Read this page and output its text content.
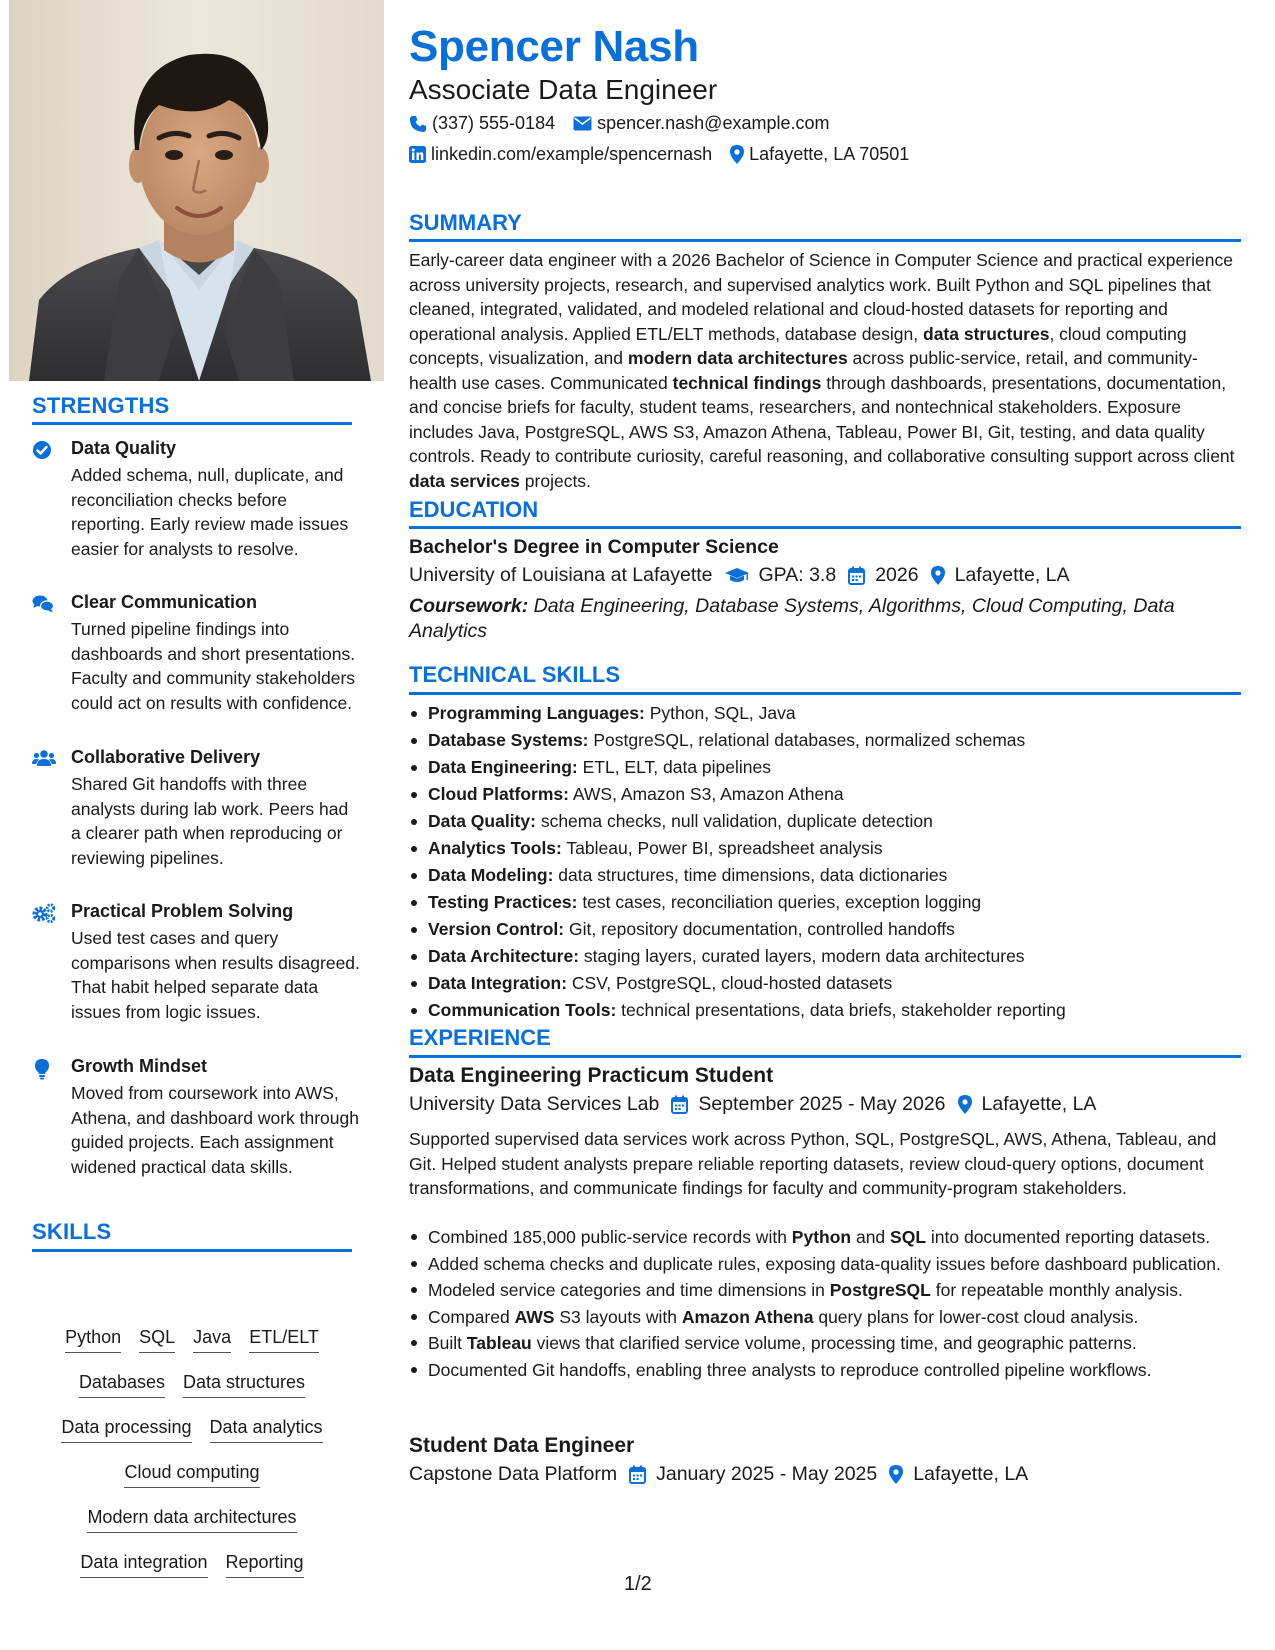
STRENGTHS
Data Quality
Added schema, null, duplicate, and reconciliation checks before reporting. Early review made issues easier for analysts to resolve.
Clear Communication
Turned pipeline findings into dashboards and short presentations. Faculty and community stakeholders could act on results with confidence.
Collaborative Delivery
Shared Git handoffs with three analysts during lab work. Peers had a clearer path when reproducing or reviewing pipelines.
Practical Problem Solving
Used test cases and query comparisons when results disagreed. That habit helped separate data issues from logic issues.
Growth Mindset
Moved from coursework into AWS, Athena, and dashboard work through guided projects. Each assignment widened practical data skills.
SKILLS
Python SQL Java ETL/ELT
Databases Data structures
Data processing Data analytics
Cloud computing
Modern data architectures
Data integration Reporting
Spencer Nash
Associate Data Engineer
(337) 555-0184 spencer.nash@example.com
linkedin.com/example/spencernash Lafayette, LA 70501
SUMMARY
Early-career data engineer with a 2026 Bachelor of Science in Computer Science and practical experience across university projects, research, and supervised analytics work. Built Python and SQL pipelines that cleaned, integrated, validated, and modeled relational and cloud-hosted datasets for reporting and operational analysis. Applied ETL/ELT methods, database design, data structures, cloud computing concepts, visualization, and modern data architectures across public-service, retail, and community-health use cases. Communicated technical findings through dashboards, presentations, documentation, and concise briefs for faculty, student teams, researchers, and nontechnical stakeholders. Exposure includes Java, PostgreSQL, AWS S3, Amazon Athena, Tableau, Power BI, Git, testing, and data quality controls. Ready to contribute curiosity, careful reasoning, and collaborative consulting support across client data services projects.
EDUCATION
Bachelor's Degree in Computer Science
University of Louisiana at Lafayette GPA: 3.8 2026 Lafayette, LA
Coursework: Data Engineering, Database Systems, Algorithms, Cloud Computing, Data Analytics
TECHNICAL SKILLS
Programming Languages: Python, SQL, Java
Database Systems: PostgreSQL, relational databases, normalized schemas
Data Engineering: ETL, ELT, data pipelines
Cloud Platforms: AWS, Amazon S3, Amazon Athena
Data Quality: schema checks, null validation, duplicate detection
Analytics Tools: Tableau, Power BI, spreadsheet analysis
Data Modeling: data structures, time dimensions, data dictionaries
Testing Practices: test cases, reconciliation queries, exception logging
Version Control: Git, repository documentation, controlled handoffs
Data Architecture: staging layers, curated layers, modern data architectures
Data Integration: CSV, PostgreSQL, cloud-hosted datasets
Communication Tools: technical presentations, data briefs, stakeholder reporting
EXPERIENCE
Data Engineering Practicum Student
University Data Services Lab September 2025 - May 2026 Lafayette, LA
Supported supervised data services work across Python, SQL, PostgreSQL, AWS, Athena, Tableau, and Git. Helped student analysts prepare reliable reporting datasets, review cloud-query options, document transformations, and communicate findings for faculty and community-program stakeholders.
Combined 185,000 public-service records with Python and SQL into documented reporting datasets.
Added schema checks and duplicate rules, exposing data-quality issues before dashboard publication.
Modeled service categories and time dimensions in PostgreSQL for repeatable monthly analysis.
Compared AWS S3 layouts with Amazon Athena query plans for lower-cost cloud analysis.
Built Tableau views that clarified service volume, processing time, and geographic patterns.
Documented Git handoffs, enabling three analysts to reproduce controlled pipeline workflows.
Student Data Engineer
Capstone Data Platform January 2025 - May 2025 Lafayette, LA
1/2
